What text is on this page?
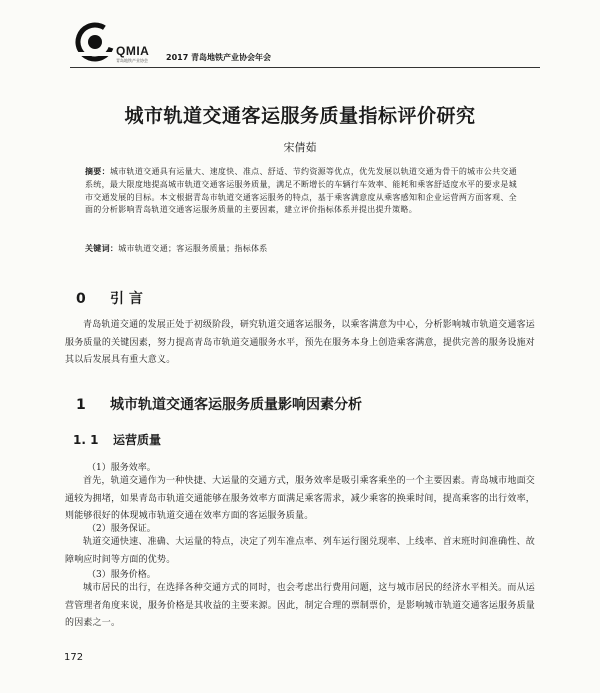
QMIA
青岛地铁产业协会 2017 青岛地铁产业协会年会
城市轨道交通客运服务质量指标评价研究
宋倩茹
摘要：城市轨道交通具有运量大、速度快、准点、舒适、节约资源等优点，优先发展以轨道交通为骨干的城市公共交通系统，最大限度地提高城市轨道交通客运服务质量，满足不断增长的车辆行车效率、能耗和乘客舒适度水平的要求是城市交通发展的目标。本文根据青岛市轨道交通客运服务的特点，基于乘客满意度从乘客感知和企业运营两方面客观、全面的分析影响青岛轨道交通客运服务质量的主要因素，建立评价指标体系并提出提升策略。
关键词：城市轨道交通；客运服务质量；指标体系
0 引 言
青岛轨道交通的发展正处于初级阶段，研究轨道交通客运服务，以乘客满意为中心，分析影响城市轨道交通客运服务质量的关键因素，努力提高青岛市轨道交通服务水平，预先在服务本身上创造乘客满意，提供完善的服务设施对其以后发展具有重大意义。
1 城市轨道交通客运服务质量影响因素分析
1. 1 运营质量
（1）服务效率。
首先，轨道交通作为一种快捷、大运量的交通方式，服务效率是吸引乘客乘坐的一个主要因素。青岛城市地面交通较为拥堵，如果青岛市轨道交通能够在服务效率方面满足乘客需求，减少乘客的换乘时间，提高乘客的出行效率，则能够很好的体现城市轨道交通在效率方面的客运服务质量。
（2）服务保证。
轨道交通快速、准确、大运量的特点，决定了列车准点率、列车运行图兑现率、上线率、首末班时间准确性、故障响应时间等方面的优势。
（3）服务价格。
城市居民的出行，在选择各种交通方式的同时，也会考虑出行费用问题，这与城市居民的经济水平相关。而从运营管理者角度来说，服务价格是其收益的主要来源。因此，制定合理的票制票价，是影响城市轨道交通客运服务质量的因素之一。
172
